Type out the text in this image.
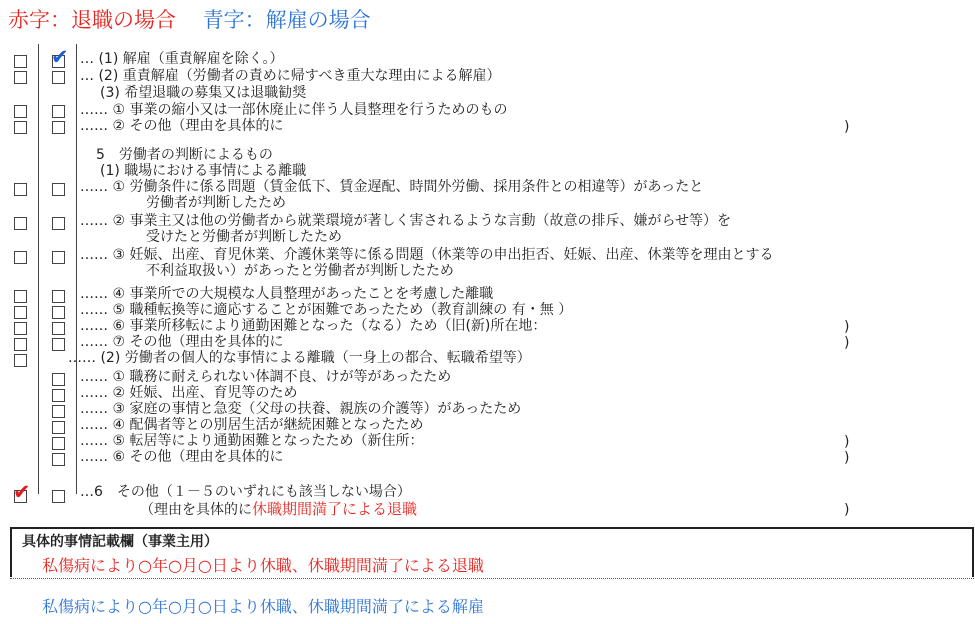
赤字：退職の場合 青字：解雇の場合
✔
✔
… (1) 解雇（重責解雇を除く。）
… (2) 重責解雇（労働者の責めに帰すべき重大な理由による解雇）
(3) 希望退職の募集又は退職勧奨
…… ① 事業の縮小又は一部休廃止に伴う人員整理を行うためのもの
…… ② その他（理由を具体的に
5　労働者の判断によるもの
(1) 職場における事情による離職
…… ① 労働条件に係る問題（賃金低下、賃金遅配、時間外労働、採用条件との相違等）があったと
労働者が判断したため
…… ② 事業主又は他の労働者から就業環境が著しく害されるような言動（故意の排斥、嫌がらせ等）を
受けたと労働者が判断したため
…… ③ 妊娠、出産、育児休業、介護休業等に係る問題（休業等の申出拒否、妊娠、出産、休業等を理由とする
不利益取扱い）があったと労働者が判断したため
…… ④ 事業所での大規模な人員整理があったことを考慮した離職
…… ⑤ 職種転換等に適応することが困難であったため（教育訓練の 有・無 ）
…… ⑥ 事業所移転により通勤困難となった（なる）ため（旧(新)所在地：
…… ⑦ その他（理由を具体的に
…… (2) 労働者の個人的な事情による離職（一身上の都合、転職希望等）
…… ① 職務に耐えられない体調不良、けが等があったため
…… ② 妊娠、出産、育児等のため
…… ③ 家庭の事情と急変（父母の扶養、親族の介護等）があったため
…… ④ 配偶者等との別居生活が継続困難となったため
…… ⑤ 転居等により通勤困難となったため（新住所：
…… ⑥ その他（理由を具体的に
…6　その他（１－５のいずれにも該当しない場合）
（理由を具体的に休職期間満了による退職
)
)
)
)
)
)
具体的事情記載欄（事業主用）
私傷病により○年○月○日より休職、休職期間満了による退職
私傷病により○年○月○日より休職、休職期間満了による解雇
